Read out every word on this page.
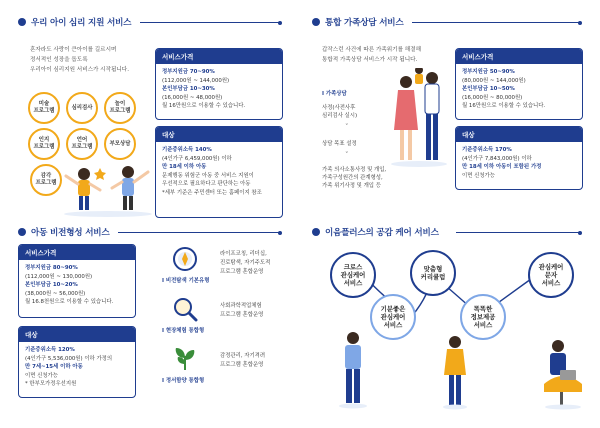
우리 아이 심리 지원 서비스
혼자라도 사랑이 큰아이를 길르시며
정서적인 성장을 돕도록
우리아이 심리지원 서비스가 시작됩니다.
미술
프로그램
심리검사
놀이
프로그램
인지
프로그램
언어
프로그램
부모상담
감각
프로그램
서비스가격
정부지원금 70~90%
(112,000원 ~ 144,000원)
본인부담금 10~30%
(16,000원 ~ 48,000원)
월 16만원으로 이용할 수 있습니다.
대상
기준중위소득 140%
(4인가구 6,459,000원) 이하
만 18세 이하 아동
문제행동 위험군 아동 중 서비스 지원이
우선적으로 필요하다고 판단하는 아동
*세부 기준은 주민센터 또는 홈페이지 참조
통합 가족상담 서비스
갑작스런 사건에 따른 가족위기를 해결해
통합적 가족상담 서비스가 시작 됩니다.
I 가족상담
사정(사전사후
심리검사 실시)
˅
상담 목표 설정
˅
가족 의사소통사정 및 개입,
가족구성원간의 관계형성,
가족 위기사정 및 개입 등
서비스가격
정부지원금 50~90%
(80,000원 ~ 144,000원)
본인부담금 10~50%
(16,000원 ~ 80,000원)
월 16만원으로 이용할 수 있습니다.
대상
기준중위소득 170%
(4인가구 7,843,000원) 이하
만 18세 이하 아동이 포함된 가정
이면 신청가능
아동 비전형성 서비스
서비스가격
정부지원금 80~90%
(112,000원 ~ 130,000원)
본인부담금 10~20%
(38,000원 ~ 56,000원)
월 16.8천원으로 이용할 수 있습니다.
대상
기준중위소득 120%
(4인가구 5,536,000원) 이하 가정의
만 7세~15세 이하 아동
이면 신청가능
* 한부모가정우선지원
I 비전탐색 기본유형
라이프코칭, 리더십,
진로탐색, 자기주도적
프로그램 혼합운영
I 현장체험 통합형
사회과학적업체험
프로그램 혼합운영
I 정서함양 통합형
감정관리, 자기격려
프로그램 혼합운영
이음플러스의 공감 케어 서비스
크로스
관심케어
서비스
맞춤형
커리큘럼
관심케어
문자
서비스
기분좋은
관심케어
서비스
똑똑한
정보제공
서비스
